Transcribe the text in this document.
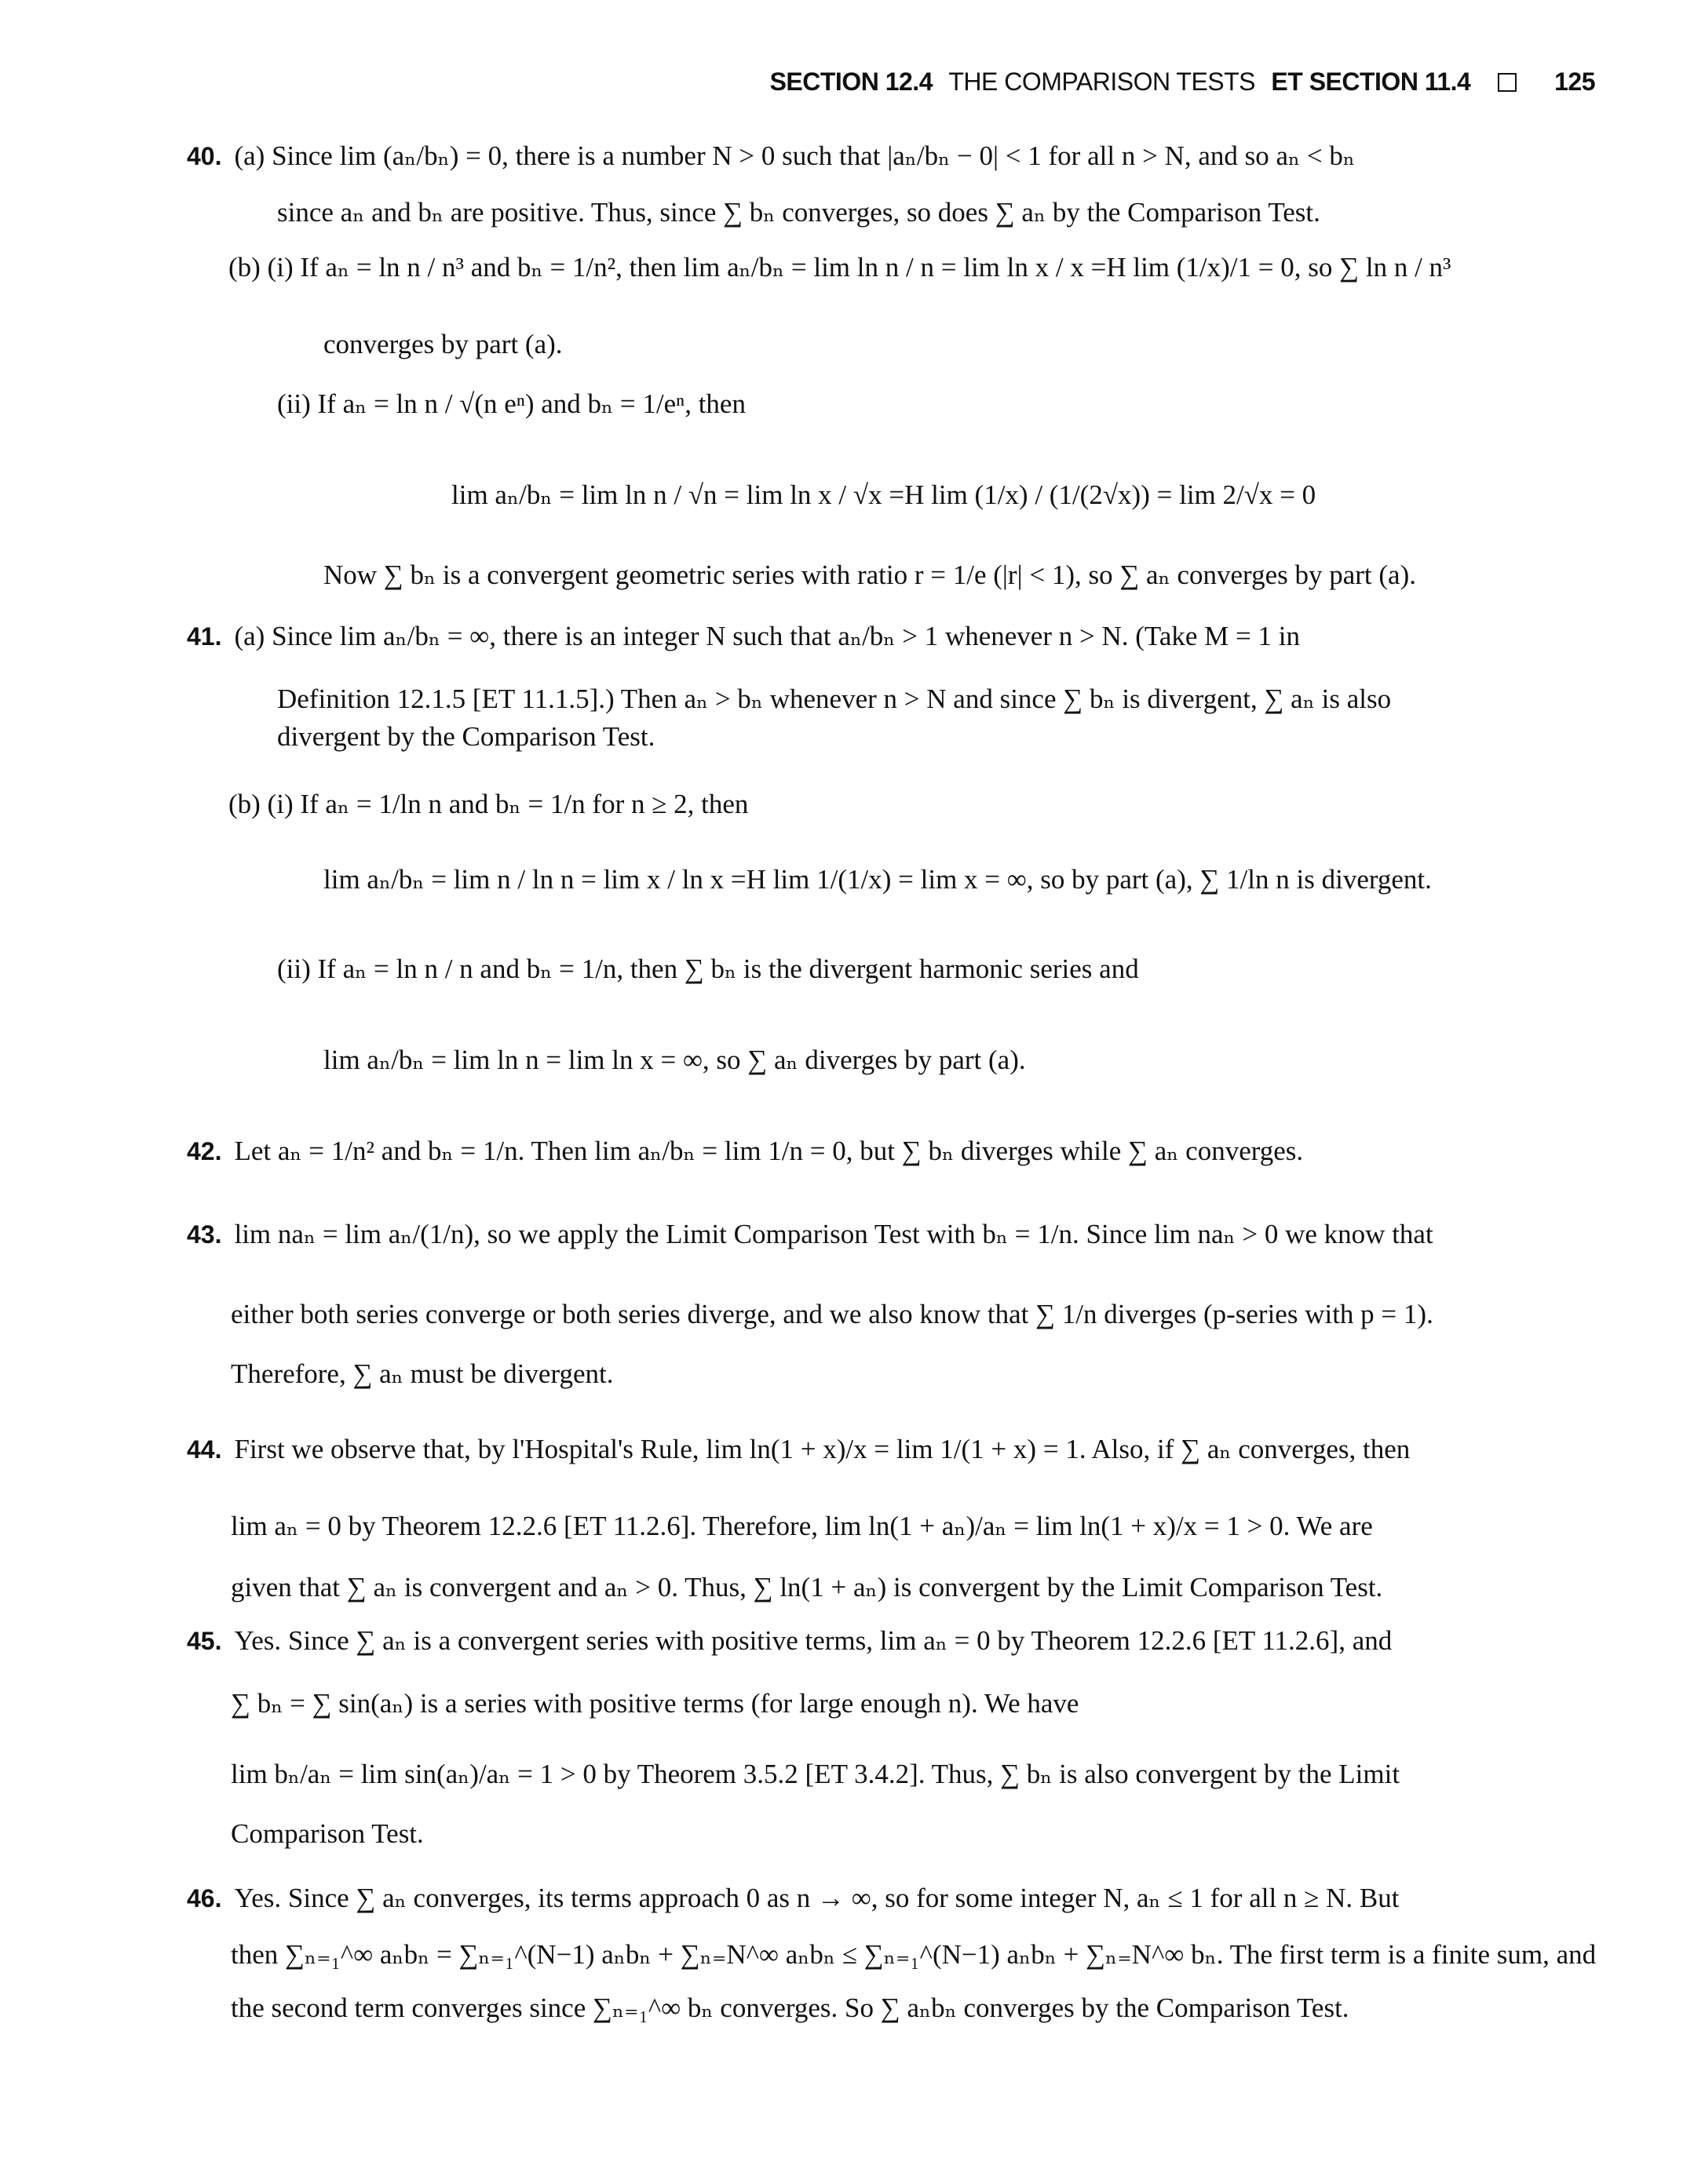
SECTION 12.4 THE COMPARISON TESTS ET SECTION 11.4	125
40. (a) Since lim (aₙ/bₙ) = 0, there is a number N > 0 such that |aₙ/bₙ − 0| < 1 for all n > N, and so aₙ < bₙ
since aₙ and bₙ are positive. Thus, since ∑ bₙ converges, so does ∑ aₙ by the Comparison Test.
(b) (i) If aₙ = ln n / n³ and bₙ = 1/n², then lim aₙ/bₙ = lim ln n / n = lim ln x / x =H lim (1/x)/1 = 0, so ∑ ln n / n³
converges by part (a).
(ii) If aₙ = ln n / √(n eⁿ) and bₙ = 1/eⁿ, then
lim aₙ/bₙ = lim ln n / √n = lim ln x / √x =H lim (1/x) / (1/(2√x)) = lim 2/√x = 0
Now ∑ bₙ is a convergent geometric series with ratio r = 1/e (|r| < 1), so ∑ aₙ converges by part (a).
41. (a) Since lim aₙ/bₙ = ∞, there is an integer N such that aₙ/bₙ > 1 whenever n > N. (Take M = 1 in
Definition 12.1.5 [ET 11.1.5].) Then aₙ > bₙ whenever n > N and since ∑ bₙ is divergent, ∑ aₙ is also
divergent by the Comparison Test.
(b) (i) If aₙ = 1/ln n and bₙ = 1/n for n ≥ 2, then
lim aₙ/bₙ = lim n / ln n = lim x / ln x =H lim 1/(1/x) = lim x = ∞, so by part (a), ∑ 1/ln n is divergent.
(ii) If aₙ = ln n / n and bₙ = 1/n, then ∑ bₙ is the divergent harmonic series and
lim aₙ/bₙ = lim ln n = lim ln x = ∞, so ∑ aₙ diverges by part (a).
42. Let aₙ = 1/n² and bₙ = 1/n. Then lim aₙ/bₙ = lim 1/n = 0, but ∑ bₙ diverges while ∑ aₙ converges.
43. lim naₙ = lim aₙ/(1/n), so we apply the Limit Comparison Test with bₙ = 1/n. Since lim naₙ > 0 we know that
either both series converge or both series diverge, and we also know that ∑ 1/n diverges (p-series with p = 1).
Therefore, ∑ aₙ must be divergent.
44. First we observe that, by l'Hospital's Rule, lim ln(1 + x)/x = lim 1/(1 + x) = 1. Also, if ∑ aₙ converges, then
lim aₙ = 0 by Theorem 12.2.6 [ET 11.2.6]. Therefore, lim ln(1 + aₙ)/aₙ = lim ln(1 + x)/x = 1 > 0. We are
given that ∑ aₙ is convergent and aₙ > 0. Thus, ∑ ln(1 + aₙ) is convergent by the Limit Comparison Test.
45. Yes. Since ∑ aₙ is a convergent series with positive terms, lim aₙ = 0 by Theorem 12.2.6 [ET 11.2.6], and
∑ bₙ = ∑ sin(aₙ) is a series with positive terms (for large enough n). We have
lim bₙ/aₙ = lim sin(aₙ)/aₙ = 1 > 0 by Theorem 3.5.2 [ET 3.4.2]. Thus, ∑ bₙ is also convergent by the Limit
Comparison Test.
46. Yes. Since ∑ aₙ converges, its terms approach 0 as n → ∞, so for some integer N, aₙ ≤ 1 for all n ≥ N. But
then ∑ₙ₌₁^∞ aₙbₙ = ∑ₙ₌₁^(N−1) aₙbₙ + ∑ₙ₌N^∞ aₙbₙ ≤ ∑ₙ₌₁^(N−1) aₙbₙ + ∑ₙ₌N^∞ bₙ. The first term is a finite sum, and
the second term converges since ∑ₙ₌₁^∞ bₙ converges. So ∑ aₙbₙ converges by the Comparison Test.
